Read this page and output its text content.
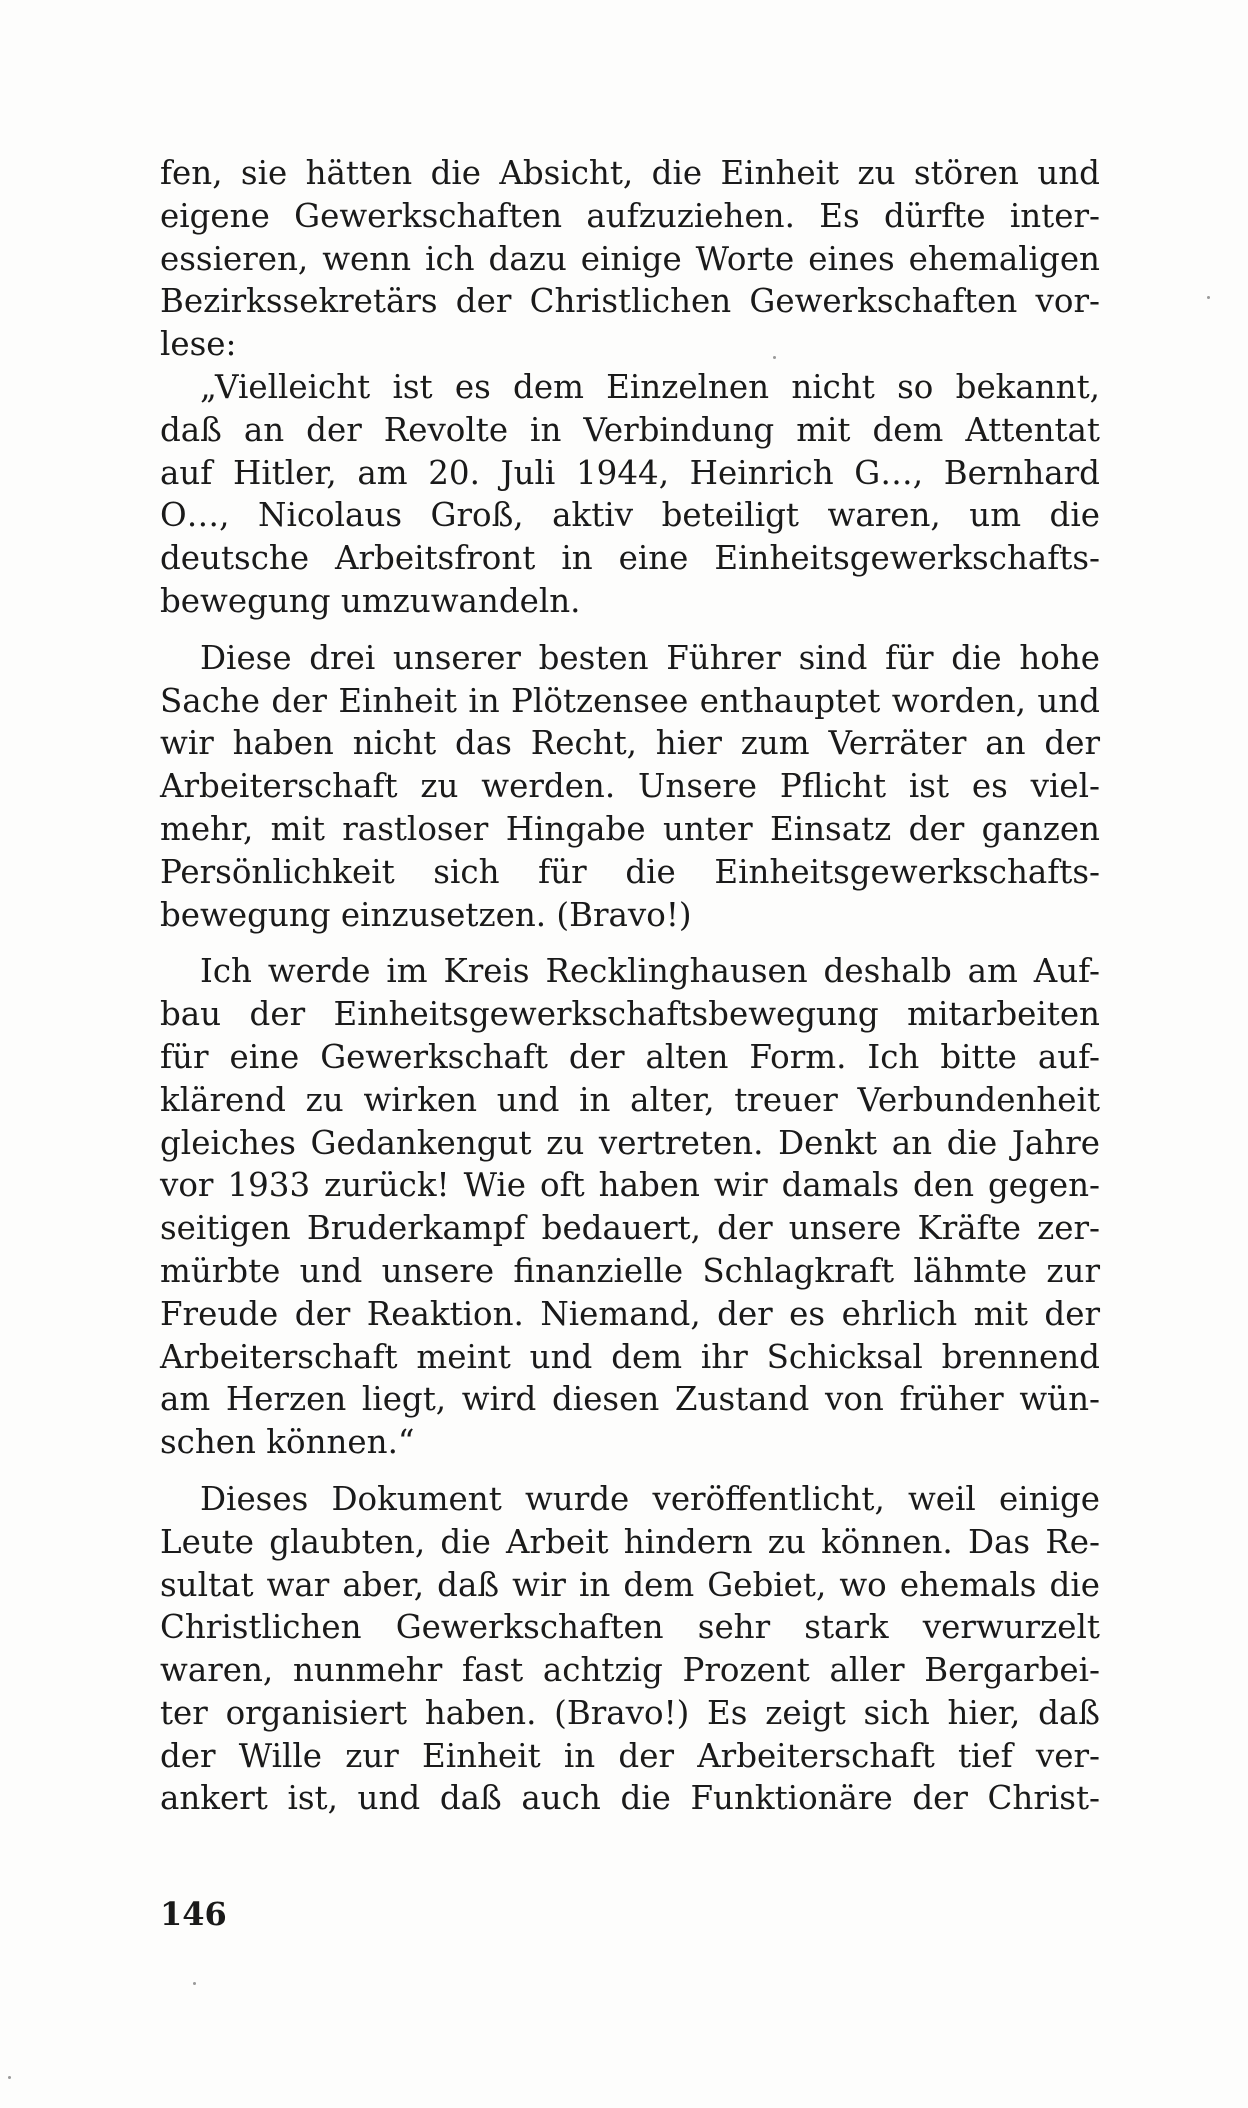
fen, sie hätten die Absicht, die Einheit zu stören und
eigene Gewerkschaften aufzuziehen. Es dürfte inter-
essieren, wenn ich dazu einige Worte eines ehemaligen
Bezirkssekretärs der Christlichen Gewerkschaften vor-
lese:
„Vielleicht ist es dem Einzelnen nicht so bekannt,
daß an der Revolte in Verbindung mit dem Attentat
auf Hitler, am 20. Juli 1944, Heinrich G…, Bernhard
O…, Nicolaus Groß, aktiv beteiligt waren, um die
deutsche Arbeitsfront in eine Einheitsgewerkschafts-
bewegung umzuwandeln.
Diese drei unserer besten Führer sind für die hohe
Sache der Einheit in Plötzensee enthauptet worden, und
wir haben nicht das Recht, hier zum Verräter an der
Arbeiterschaft zu werden. Unsere Pflicht ist es viel-
mehr, mit rastloser Hingabe unter Einsatz der ganzen
Persönlichkeit sich für die Einheitsgewerkschafts-
bewegung einzusetzen. (Bravo!)
Ich werde im Kreis Recklinghausen deshalb am Auf-
bau der Einheitsgewerkschaftsbewegung mitarbeiten
für eine Gewerkschaft der alten Form. Ich bitte auf-
klärend zu wirken und in alter, treuer Verbundenheit
gleiches Gedankengut zu vertreten. Denkt an die Jahre
vor 1933 zurück! Wie oft haben wir damals den gegen-
seitigen Bruderkampf bedauert, der unsere Kräfte zer-
mürbte und unsere finanzielle Schlagkraft lähmte zur
Freude der Reaktion. Niemand, der es ehrlich mit der
Arbeiterschaft meint und dem ihr Schicksal brennend
am Herzen liegt, wird diesen Zustand von früher wün-
schen können.“
Dieses Dokument wurde veröffentlicht, weil einige
Leute glaubten, die Arbeit hindern zu können. Das Re-
sultat war aber, daß wir in dem Gebiet, wo ehemals die
Christlichen Gewerkschaften sehr stark verwurzelt
waren, nunmehr fast achtzig Prozent aller Bergarbei-
ter organisiert haben. (Bravo!) Es zeigt sich hier, daß
der Wille zur Einheit in der Arbeiterschaft tief ver-
ankert ist, und daß auch die Funktionäre der Christ-
146
